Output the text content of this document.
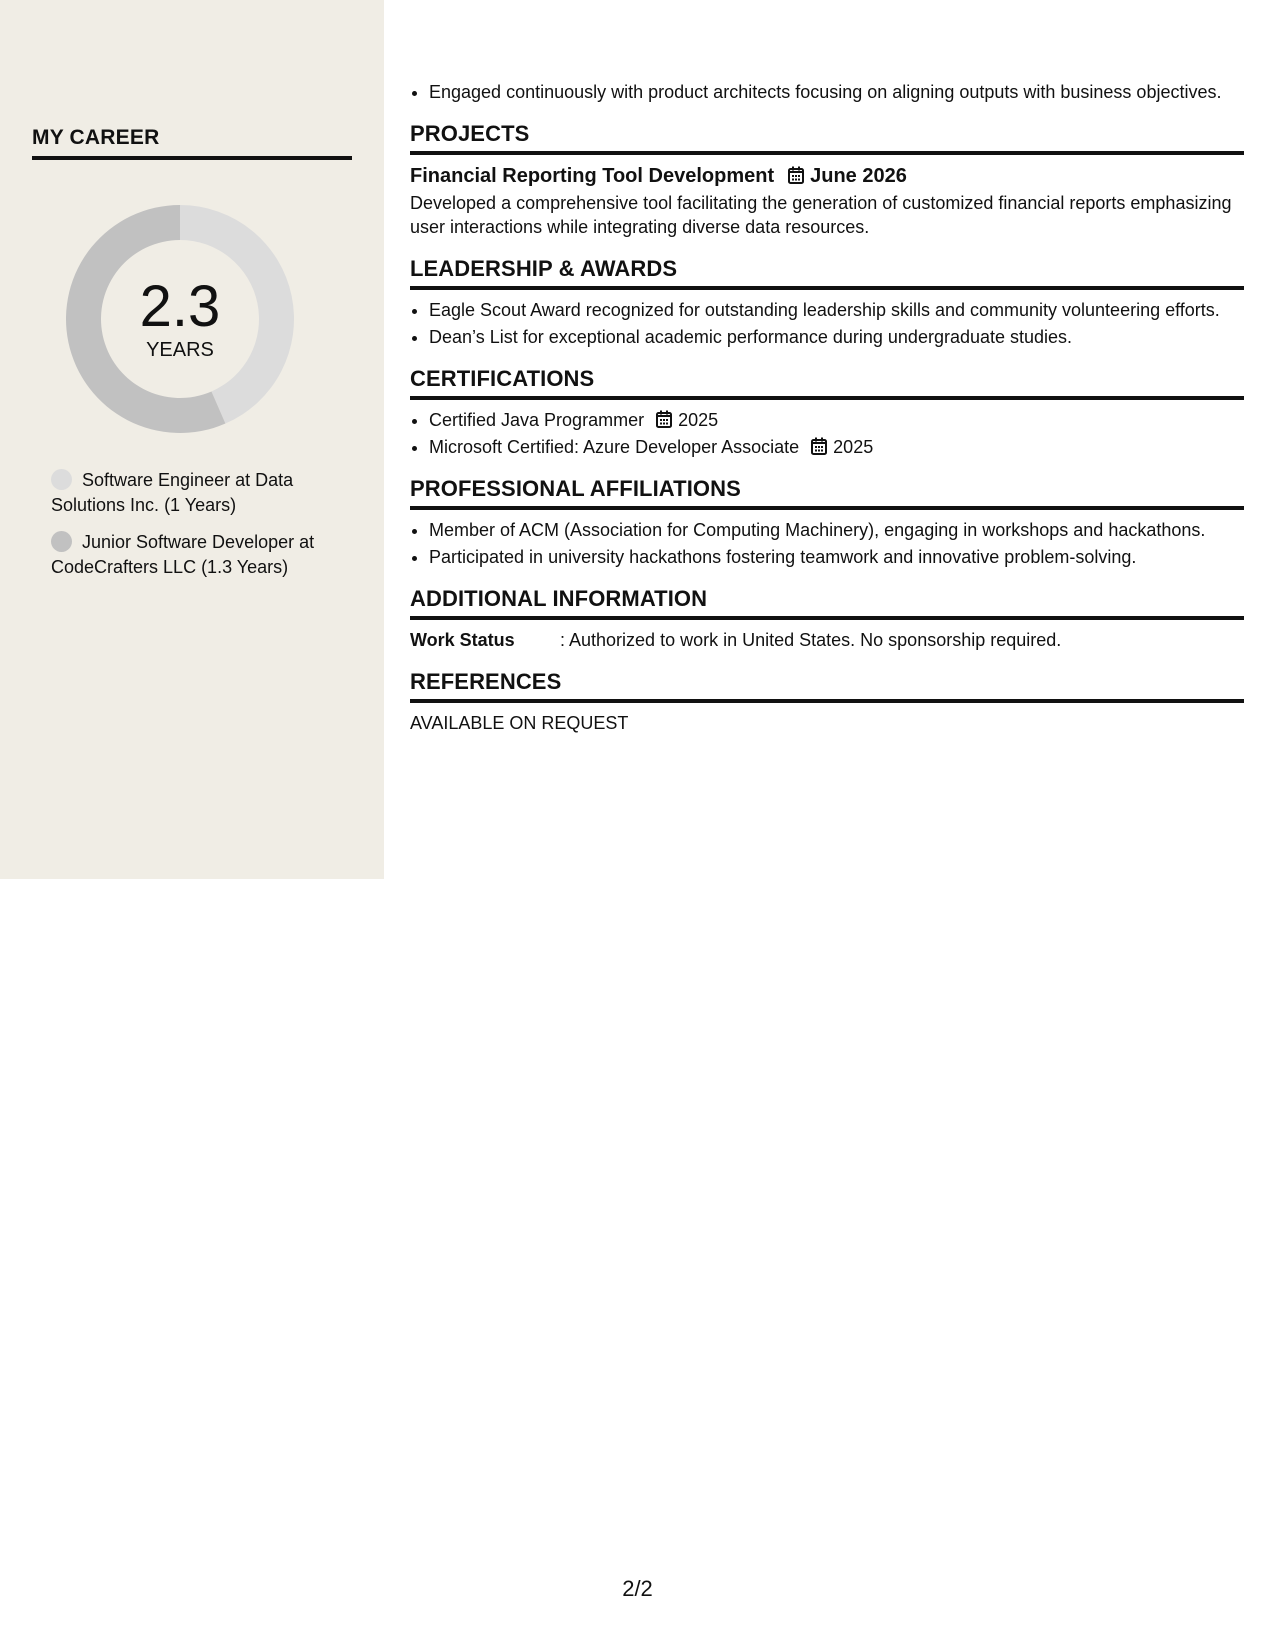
MY CAREER
2.3
YEARS
Software Engineer at Data Solutions Inc. (1 Years)
Junior Software Developer at CodeCrafters LLC (1.3 Years)
• Engaged continuously with product architects focusing on aligning outputs with business objectives.
PROJECTS
Financial Reporting Tool Development June 2026
Developed a comprehensive tool facilitating the generation of customized financial reports emphasizing user interactions while integrating diverse data resources.
LEADERSHIP & AWARDS
• Eagle Scout Award recognized for outstanding leadership skills and community volunteering efforts.
• Dean’s List for exceptional academic performance during undergraduate studies.
CERTIFICATIONS
• Certified Java Programmer 2025
• Microsoft Certified: Azure Developer Associate 2025
PROFESSIONAL AFFILIATIONS
• Member of ACM (Association for Computing Machinery), engaging in workshops and hackathons.
• Participated in university hackathons fostering teamwork and innovative problem-solving.
ADDITIONAL INFORMATION
Work Status	: Authorized to work in United States. No sponsorship required.
REFERENCES
AVAILABLE ON REQUEST
2/2
